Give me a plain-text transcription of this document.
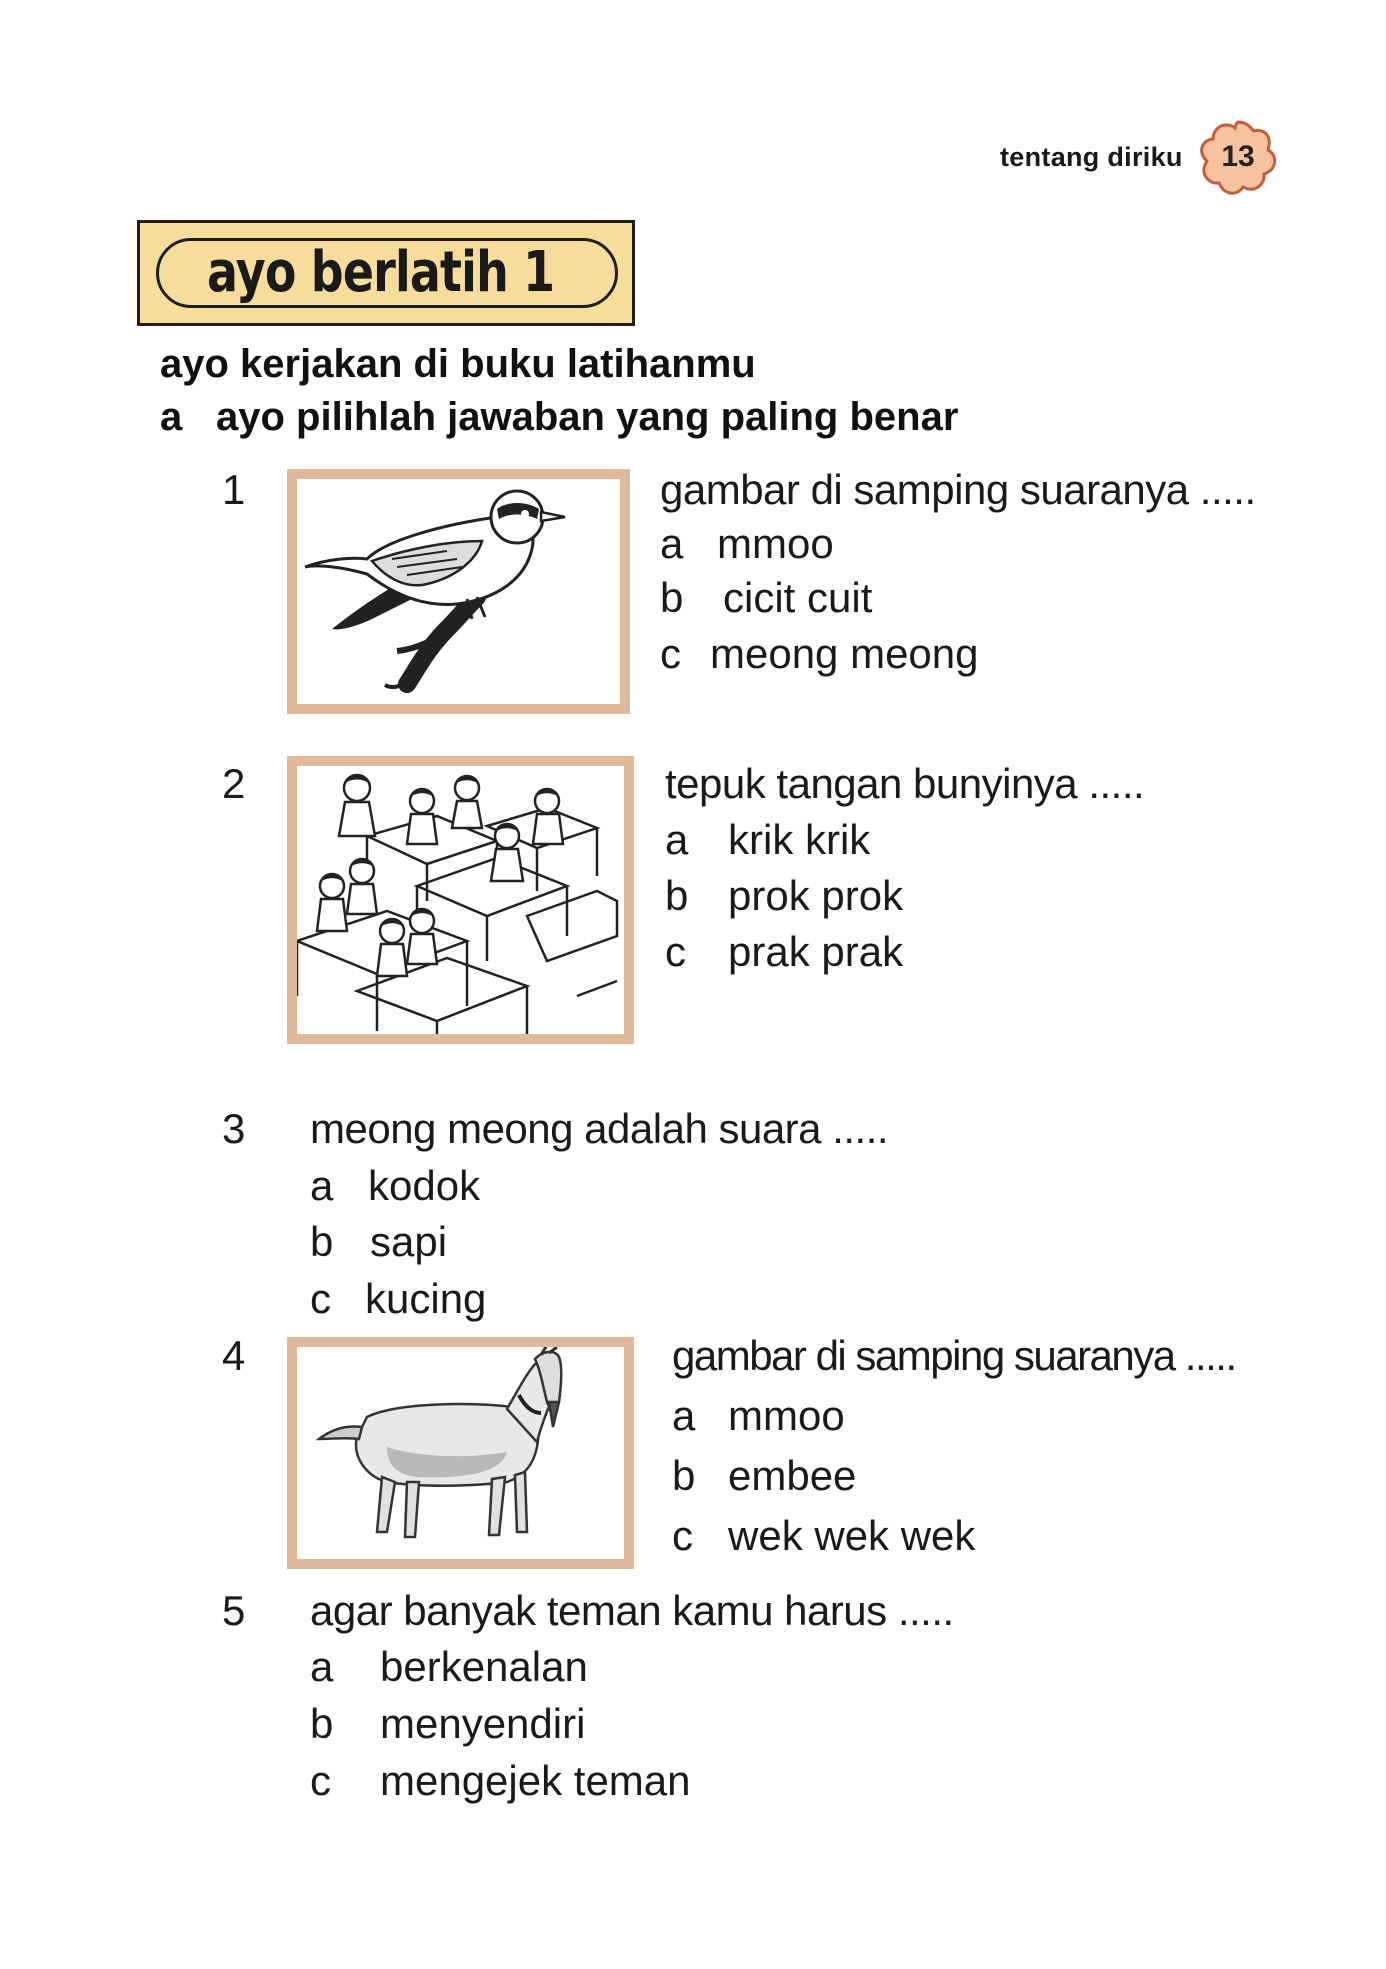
tentang diriku	13
ayo berlatih 1
ayo kerjakan di buku latihanmu
a ayo pilihlah jawaban yang paling benar
1	gambar di samping suaranya .....
a mmoo
b cicit cuit
c meong meong
2	tepuk tangan bunyinya .....
a krik krik
b prok prok
c prak prak
3 meong meong adalah suara .....
a kodok
b sapi
c kucing
4	gambar di samping suaranya .....
a mmoo
b embee
c wek wek wek
5 agar banyak teman kamu harus .....
a berkenalan
b menyendiri
c mengejek teman
